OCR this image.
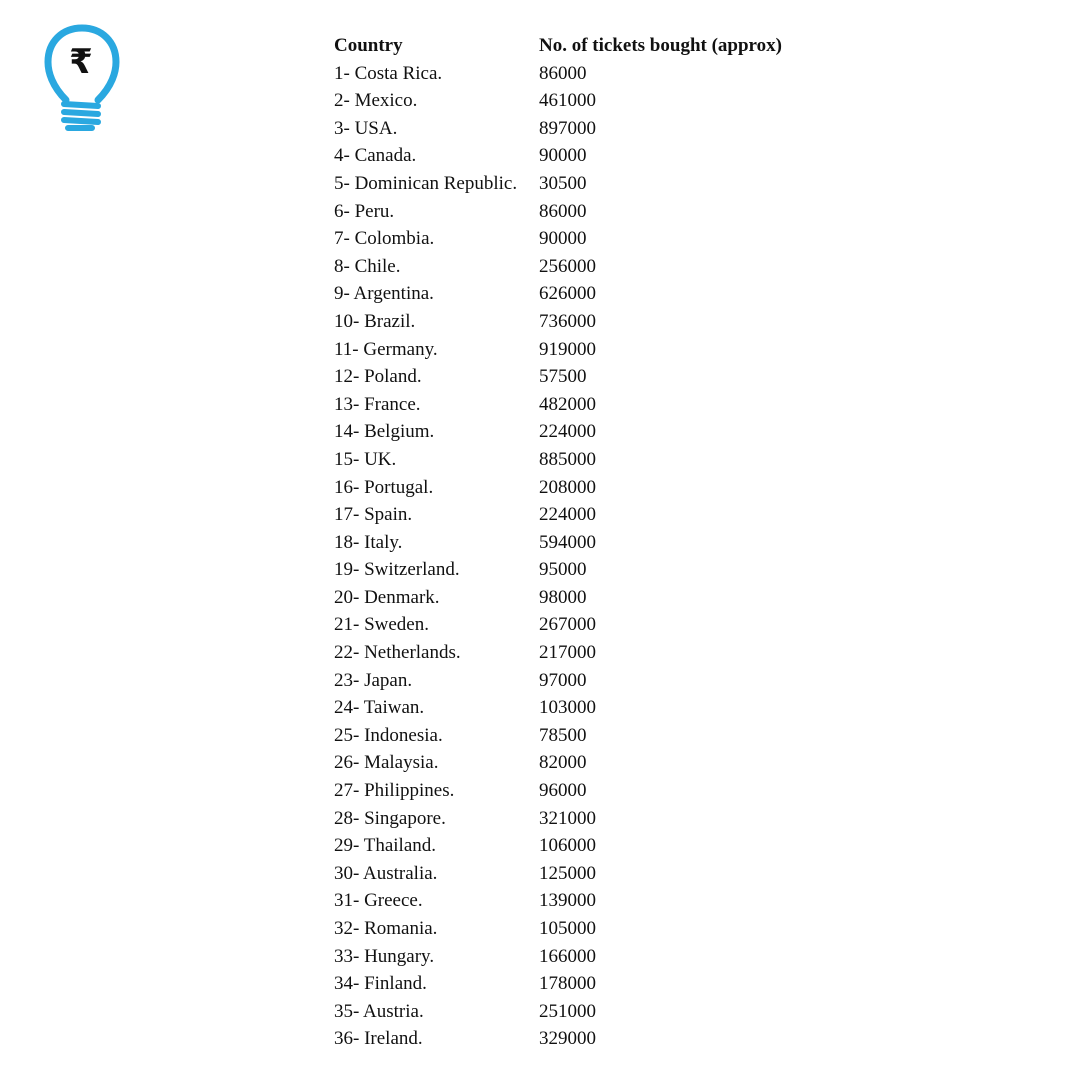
₹	Country	No. of tickets bought (approx)
1- Costa Rica.	86000
2- Mexico.	461000
3- USA.	897000
4- Canada.	90000
5- Dominican Republic.	30500
6- Peru.	86000
7- Colombia.	90000
8- Chile.	256000
9- Argentina.	626000
10- Brazil.	736000
11- Germany.	919000
12- Poland.	57500
13- France.	482000
14- Belgium.	224000
15- UK.	885000
16- Portugal.	208000
17- Spain.	224000
18- Italy.	594000
19- Switzerland.	95000
20- Denmark.	98000
21- Sweden.	267000
22- Netherlands.	217000
23- Japan.	97000
24- Taiwan.	103000
25- Indonesia.	78500
26- Malaysia.	82000
27- Philippines.	96000
28- Singapore.	321000
29- Thailand.	106000
30- Australia.	125000
31- Greece.	139000
32- Romania.	105000
33- Hungary.	166000
34- Finland.	178000
35- Austria.	251000
36- Ireland.	329000
